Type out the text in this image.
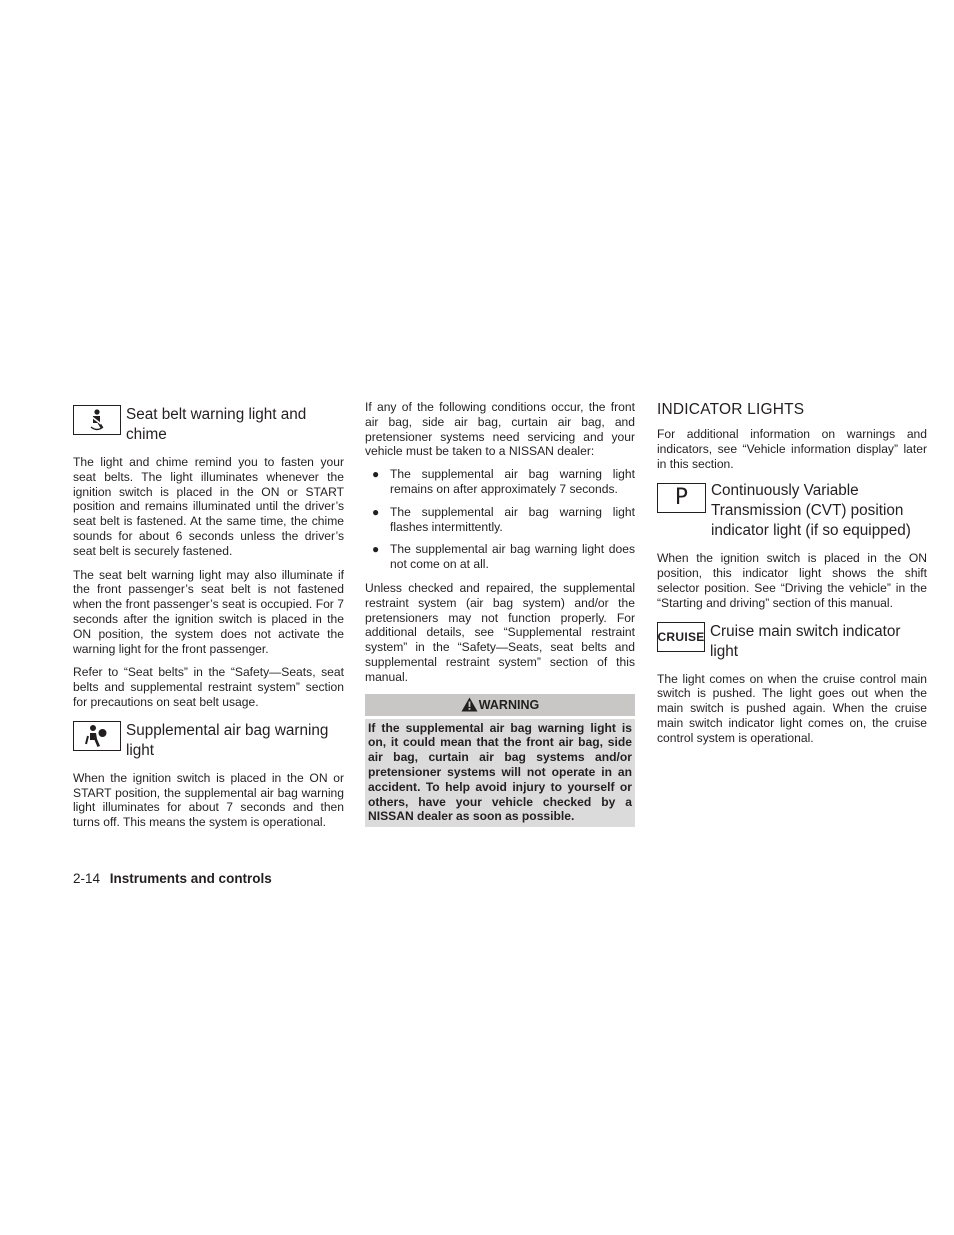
Seat belt warning light and chime

The light and chime remind you to fasten your seat belts. The light illuminates whenever the ignition switch is placed in the ON or START position and remains illuminated until the driver’s seat belt is fastened. At the same time, the chime sounds for about 6 seconds unless the driver’s seat belt is securely fastened.

The seat belt warning light may also illuminate if the front passenger’s seat belt is not fastened when the front passenger’s seat is occupied. For 7 seconds after the ignition switch is placed in the ON position, the system does not activate the warning light for the front passenger.

Refer to “Seat belts” in the “Safety—Seats, seat belts and supplemental restraint system” section for precautions on seat belt usage.

Supplemental air bag warning light

When the ignition switch is placed in the ON or START position, the supplemental air bag warning light illuminates for about 7 seconds and then turns off. This means the system is operational.

If any of the following conditions occur, the front air bag, side air bag, curtain air bag, and pretensioner systems need servicing and your vehicle must be taken to a NISSAN dealer:

● The supplemental air bag warning light remains on after approximately 7 seconds.
● The supplemental air bag warning light flashes intermittently.
● The supplemental air bag warning light does not come on at all.

Unless checked and repaired, the supplemental restraint system (air bag system) and/or the pretensioners may not function properly. For additional details, see “Supplemental restraint system” in the “Safety—Seats, seat belts and supplemental restraint system” section of this manual.

WARNING
If the supplemental air bag warning light is on, it could mean that the front air bag, side air bag, curtain air bag systems and/or pretensioner systems will not operate in an accident. To help avoid injury to yourself or others, have your vehicle checked by a NISSAN dealer as soon as possible.
INDICATOR LIGHTS

For additional information on warnings and indicators, see “Vehicle information display” later in this section.

P	Continuously Variable Transmission (CVT) position indicator light (if so equipped)

When the ignition switch is placed in the ON position, this indicator light shows the shift selector position. See “Driving the vehicle” in the “Starting and driving” section of this manual.

CRUISE Cruise main switch indicator light

The light comes on when the cruise control main switch is pushed. The light goes out when the main switch is pushed again. When the cruise main switch indicator light comes on, the cruise control system is operational.

2-14 Instruments and controls
